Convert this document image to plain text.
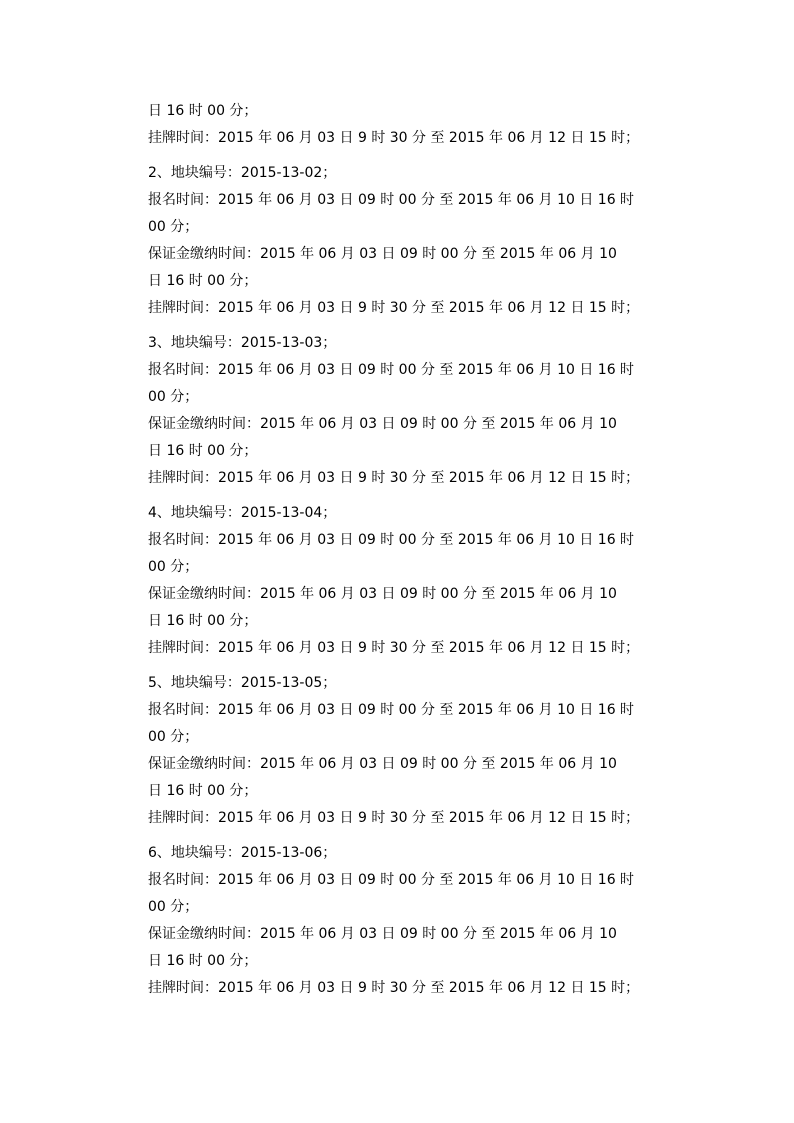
日 16 时 00 分；
挂牌时间：2015 年 06 月 03 日 9 时 30 分 至 2015 年 06 月 12 日 15 时；
2、地块编号：2015-13-02；
报名时间：2015 年 06 月 03 日 09 时 00 分 至 2015 年 06 月 10 日 16 时
00 分；
保证金缴纳时间：2015 年 06 月 03 日 09 时 00 分 至 2015 年 06 月 10
日 16 时 00 分；
挂牌时间：2015 年 06 月 03 日 9 时 30 分 至 2015 年 06 月 12 日 15 时；
3、地块编号：2015-13-03；
报名时间：2015 年 06 月 03 日 09 时 00 分 至 2015 年 06 月 10 日 16 时
00 分；
保证金缴纳时间：2015 年 06 月 03 日 09 时 00 分 至 2015 年 06 月 10
日 16 时 00 分；
挂牌时间：2015 年 06 月 03 日 9 时 30 分 至 2015 年 06 月 12 日 15 时；
4、地块编号：2015-13-04；
报名时间：2015 年 06 月 03 日 09 时 00 分 至 2015 年 06 月 10 日 16 时
00 分；
保证金缴纳时间：2015 年 06 月 03 日 09 时 00 分 至 2015 年 06 月 10
日 16 时 00 分；
挂牌时间：2015 年 06 月 03 日 9 时 30 分 至 2015 年 06 月 12 日 15 时；
5、地块编号：2015-13-05；
报名时间：2015 年 06 月 03 日 09 时 00 分 至 2015 年 06 月 10 日 16 时
00 分；
保证金缴纳时间：2015 年 06 月 03 日 09 时 00 分 至 2015 年 06 月 10
日 16 时 00 分；
挂牌时间：2015 年 06 月 03 日 9 时 30 分 至 2015 年 06 月 12 日 15 时；
6、地块编号：2015-13-06；
报名时间：2015 年 06 月 03 日 09 时 00 分 至 2015 年 06 月 10 日 16 时
00 分；
保证金缴纳时间：2015 年 06 月 03 日 09 时 00 分 至 2015 年 06 月 10
日 16 时 00 分；
挂牌时间：2015 年 06 月 03 日 9 时 30 分 至 2015 年 06 月 12 日 15 时；
